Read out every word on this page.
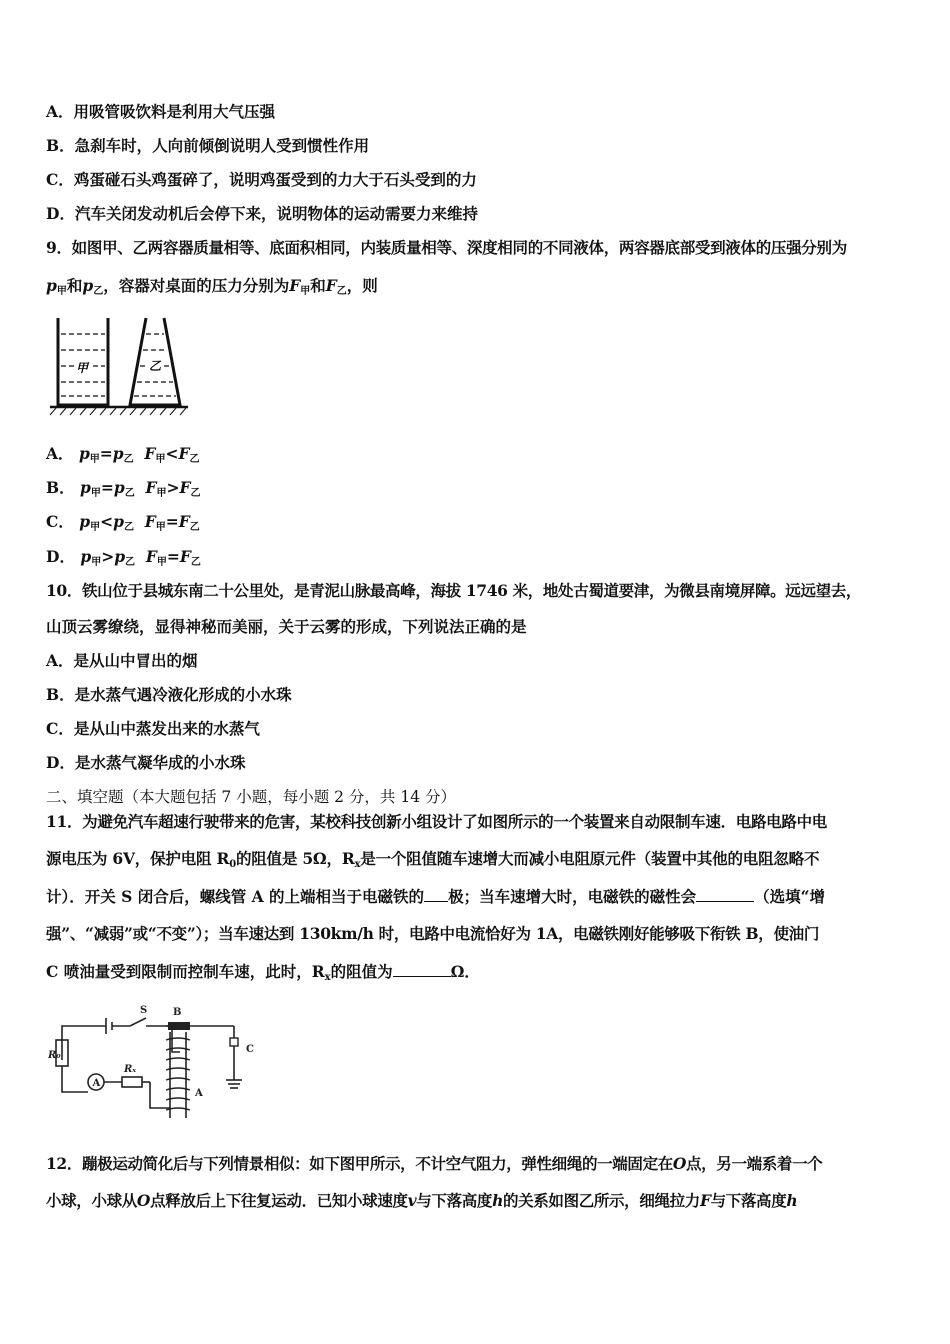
A．用吸管吸饮料是利用大气压强
B．急刹车时，人向前倾倒说明人受到惯性作用
C．鸡蛋碰石头鸡蛋碎了，说明鸡蛋受到的力大于石头受到的力
D．汽车关闭发动机后会停下来，说明物体的运动需要力来维持
9．如图甲、乙两容器质量相等、底面积相同，内装质量相等、深度相同的不同液体，两容器底部受到液体的压强分别为
$p_甲$和$p_乙$，容器对桌面的压力分别为$F_甲$和$F_乙$，则
甲	乙
A． $p_甲=p_乙$ $F_甲<F_乙$
B． $p_甲=p_乙$ $F_甲>F_乙$
C． $p_甲<p_乙$ $F_甲=F_乙$
D． $p_甲>p_乙$ $F_甲=F_乙$
10．铁山位于县城东南二十公里处，是青泥山脉最高峰，海拔 1746 米，地处古蜀道要津，为微县南境屏障。远远望去，
山顶云雾缭绕，显得神秘而美丽，关于云雾的形成，下列说法正确的是
A．是从山中冒出的烟
B．是水蒸气遇冷液化形成的小水珠
C．是从山中蒸发出来的水蒸气
D．是水蒸气凝华成的小水珠
二、填空题（本大题包括 7 小题，每小题 2 分，共 14 分）
11．为避免汽车超速行驶带来的危害，某校科技创新小组设计了如图所示的一个装置来自动限制车速．电路电路中电
源电压为 6V，保护电阻 $R_0$的阻值是 5Ω，$R_x$是一个阻值随车速增大而减小电阻原元件（装置中其他的电阻忽略不
计）．开关 S 闭合后，螺线管 A 的上端相当于电磁铁的 极；当车速增大时，电磁铁的磁性会	（选填“增
强”、“减弱”或“不变”）；当车速达到 130km/h 时，电路中电流恰好为 1A，电磁铁刚好能够吸下衔铁 B，使油门
C 喷油量受到限制而控制车速，此时，$R_x$的阻值为	Ω．
S	B
C
A
R₀
Rₓ
A
12．蹦极运动简化后与下列情景相似：如下图甲所示，不计空气阻力，弹性细绳的一端固定在O点，另一端系着一个
小球，小球从O点释放后上下往复运动．已知小球速度v与下落高度h的关系如图乙所示，细绳拉力F与下落高度h
